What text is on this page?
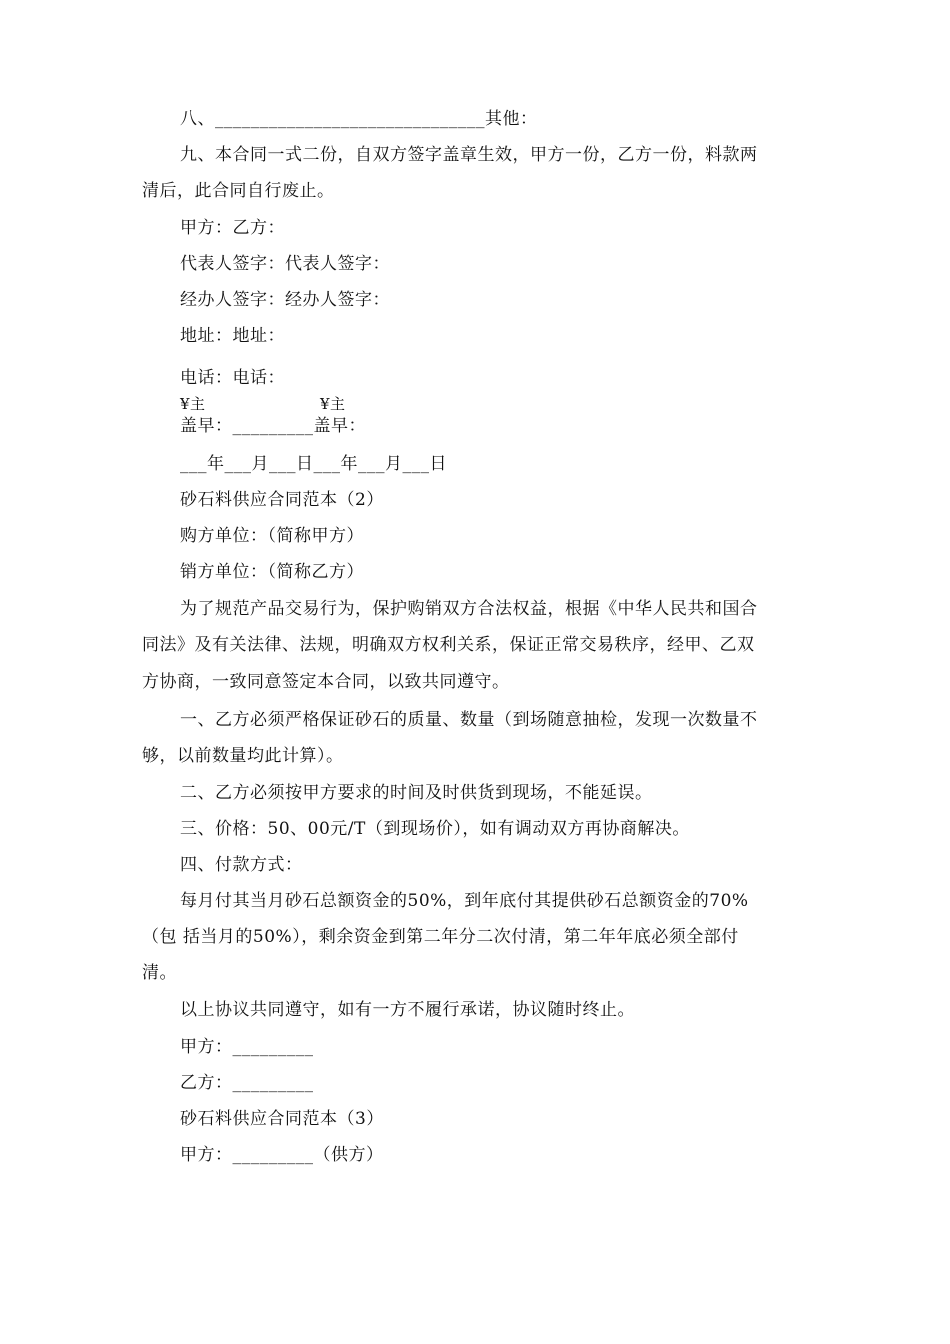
八、______________________________其他：
九、本合同一式二份，自双方签字盖章生效，甲方一份，乙方一份，料款两
清后，此合同自行废止。
甲方：乙方：
代表人签字：代表人签字：
经办人签字：经办人签字：
地址：地址：
电话：电话：
¥主	¥主
盖早：_________盖早：
___年___月___日___年___月___日
砂石料供应合同范本（2）
购方单位：（简称甲方）
销方单位：（简称乙方）
为了规范产品交易行为，保护购销双方合法权益，根据《中华人民共和国合
同法》及有关法律、法规，明确双方权利关系，保证正常交易秩序，经甲、乙双
方协商，一致同意签定本合同，以致共同遵守。
一、乙方必须严格保证砂石的质量、数量（到场随意抽检，发现一次数量不
够，以前数量均此计算）。
二、乙方必须按甲方要求的时间及时供货到现场，不能延误。
三、价格：50、00元/T（到现场价），如有调动双方再协商解决。
四、付款方式：
每月付其当月砂石总额资金的50%，到年底付其提供砂石总额资金的70%
（包 括当月的50%），剩余资金到第二年分二次付清，第二年年底必须全部付
清。
以上协议共同遵守，如有一方不履行承诺，协议随时终止。
甲方：_________
乙方：_________
砂石料供应合同范本（3）
甲方：_________（供方）
